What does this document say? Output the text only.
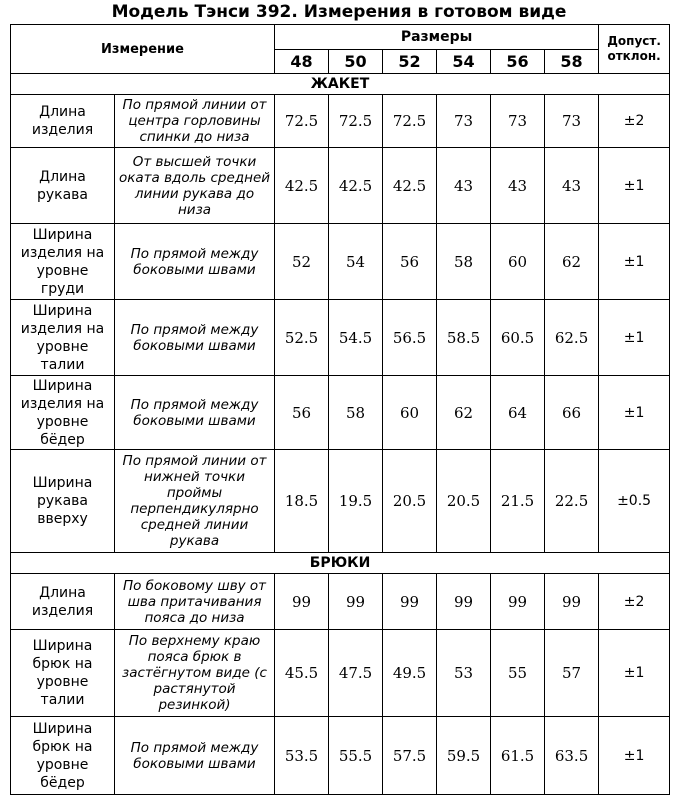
Модель Тэнси 392. Измерения в готовом виде
Измерение		Размеры						Допуст. отклон.
		48	50	52	54	56	58	
ЖАКЕТ								
Длина изделия	По прямой линии от центра горловины спинки до низа	72.5	72.5	72.5	73	73	73	±2
Длина рукава	От высшей точки оката вдоль средней линии рукава до низа	42.5	42.5	42.5	43	43	43	±1
Ширина изделия на уровне груди	По прямой между боковыми швами	52	54	56	58	60	62	±1
Ширина изделия на уровне талии	По прямой между боковыми швами	52.5	54.5	56.5	58.5	60.5	62.5	±1
Ширина изделия на уровне бёдер	По прямой между боковыми швами	56	58	60	62	64	66	±1
Ширина рукава вверху	По прямой линии от нижней точки проймы перпендикулярно средней линии рукава	18.5	19.5	20.5	20.5	21.5	22.5	±0.5
БРЮКИ								
Длина изделия	По боковому шву от шва притачивания пояса до низа	99	99	99	99	99	99	±2
Ширина брюк на уровне талии	По верхнему краю пояса брюк в застёгнутом виде (с растянутой резинкой)	45.5	47.5	49.5	53	55	57	±1
Ширина брюк на уровне бёдер	По прямой между боковыми швами	53.5	55.5	57.5	59.5	61.5	63.5	±1
